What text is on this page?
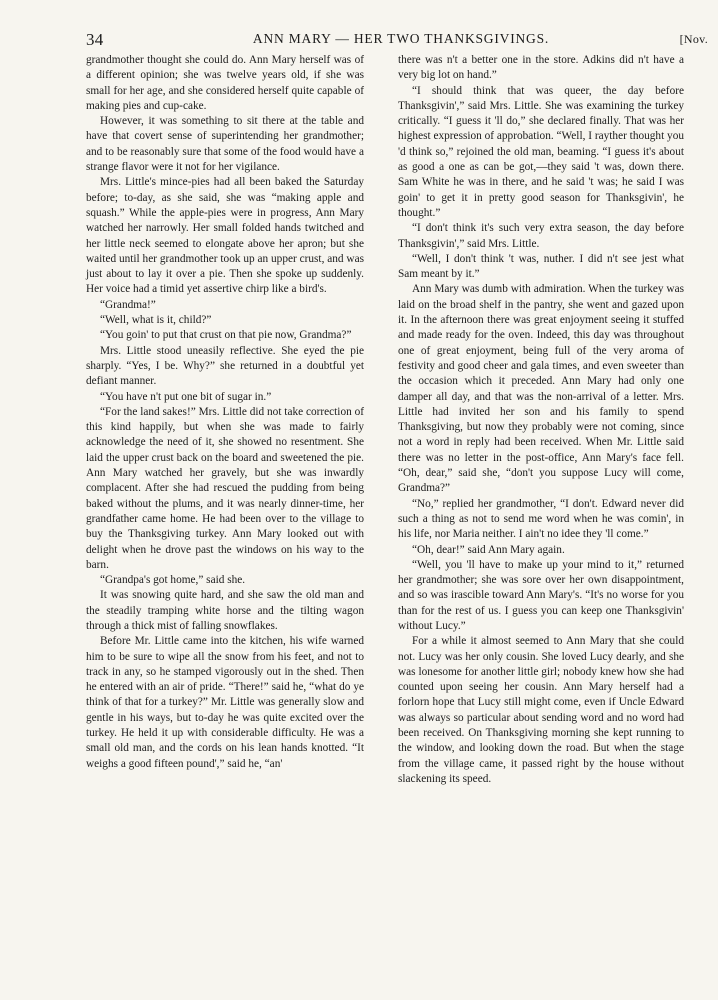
34	ANN MARY — HER TWO THANKSGIVINGS.	[Nov.

grandmother thought she could do. Ann Mary herself was of a different opinion; she was twelve years old, if she was small for her age, and she considered herself quite capable of making pies and cup-cake.

However, it was something to sit there at the table and have that covert sense of superintending her grandmother; and to be reasonably sure that some of the food would have a strange flavor were it not for her vigilance.

Mrs. Little's mince-pies had all been baked the Saturday before; to-day, as she said, she was “making apple and squash.” While the apple-pies were in progress, Ann Mary watched her narrowly. Her small folded hands twitched and her little neck seemed to elongate above her apron; but she waited until her grandmother took up an upper crust, and was just about to lay it over a pie. Then she spoke up suddenly. Her voice had a timid yet assertive chirp like a bird's.

“Grandma!”

“Well, what is it, child?”

“You goin' to put that crust on that pie now, Grandma?”

Mrs. Little stood uneasily reflective. She eyed the pie sharply. “Yes, I be. Why?” she returned in a doubtful yet defiant manner.

“You have n't put one bit of sugar in.”

“For the land sakes!” Mrs. Little did not take correction of this kind happily, but when she was made to fairly acknowledge the need of it, she showed no resentment. She laid the upper crust back on the board and sweetened the pie. Ann Mary watched her gravely, but she was inwardly complacent. After she had rescued the pudding from being baked without the plums, and it was nearly dinner-time, her grandfather came home. He had been over to the village to buy the Thanksgiving turkey. Ann Mary looked out with delight when he drove past the windows on his way to the barn.

“Grandpa's got home,” said she.

It was snowing quite hard, and she saw the old man and the steadily tramping white horse and the tilting wagon through a thick mist of falling snowflakes.

Before Mr. Little came into the kitchen, his wife warned him to be sure to wipe all the snow from his feet, and not to track in any, so he stamped vigorously out in the shed. Then he entered with an air of pride. “There!” said he, “what do ye think of that for a turkey?” Mr. Little was generally slow and gentle in his ways, but to-day he was quite excited over the turkey. He held it up with considerable difficulty. He was a small old man, and the cords on his lean hands knotted. “It weighs a good fifteen pound',” said he, “an'

there was n't a better one in the store. Adkins did n't have a very big lot on hand.”

“I should think that was queer, the day before Thanksgivin',” said Mrs. Little. She was examining the turkey critically. “I guess it 'll do,” she declared finally. That was her highest expression of approbation. “Well, I rayther thought you 'd think so,” rejoined the old man, beaming. “I guess it's about as good a one as can be got,—they said 't was, down there. Sam White he was in there, and he said 't was; he said I was goin' to get it in pretty good season for Thanksgivin', he thought.”

“I don't think it's such very extra season, the day before Thanksgivin',” said Mrs. Little.

“Well, I don't think 't was, nuther. I did n't see jest what Sam meant by it.”

Ann Mary was dumb with admiration. When the turkey was laid on the broad shelf in the pantry, she went and gazed upon it. In the afternoon there was great enjoyment seeing it stuffed and made ready for the oven. Indeed, this day was throughout one of great enjoyment, being full of the very aroma of festivity and good cheer and gala times, and even sweeter than the occasion which it preceded. Ann Mary had only one damper all day, and that was the non-arrival of a letter. Mrs. Little had invited her son and his family to spend Thanksgiving, but now they probably were not coming, since not a word in reply had been received. When Mr. Little said there was no letter in the post-office, Ann Mary's face fell. “Oh, dear,” said she, “don't you suppose Lucy will come, Grandma?”

“No,” replied her grandmother, “I don't. Edward never did such a thing as not to send me word when he was comin', in his life, nor Maria neither. I ain't no idee they 'll come.”

“Oh, dear!” said Ann Mary again.

“Well, you 'll have to make up your mind to it,” returned her grandmother; she was sore over her own disappointment, and so was irascible toward Ann Mary's. “It's no worse for you than for the rest of us. I guess you can keep one Thanksgivin' without Lucy.”

For a while it almost seemed to Ann Mary that she could not. Lucy was her only cousin. She loved Lucy dearly, and she was lonesome for another little girl; nobody knew how she had counted upon seeing her cousin. Ann Mary herself had a forlorn hope that Lucy still might come, even if Uncle Edward was always so particular about sending word and no word had been received. On Thanksgiving morning she kept running to the window, and looking down the road. But when the stage from the village came, it passed right by the house without slackening its speed.
